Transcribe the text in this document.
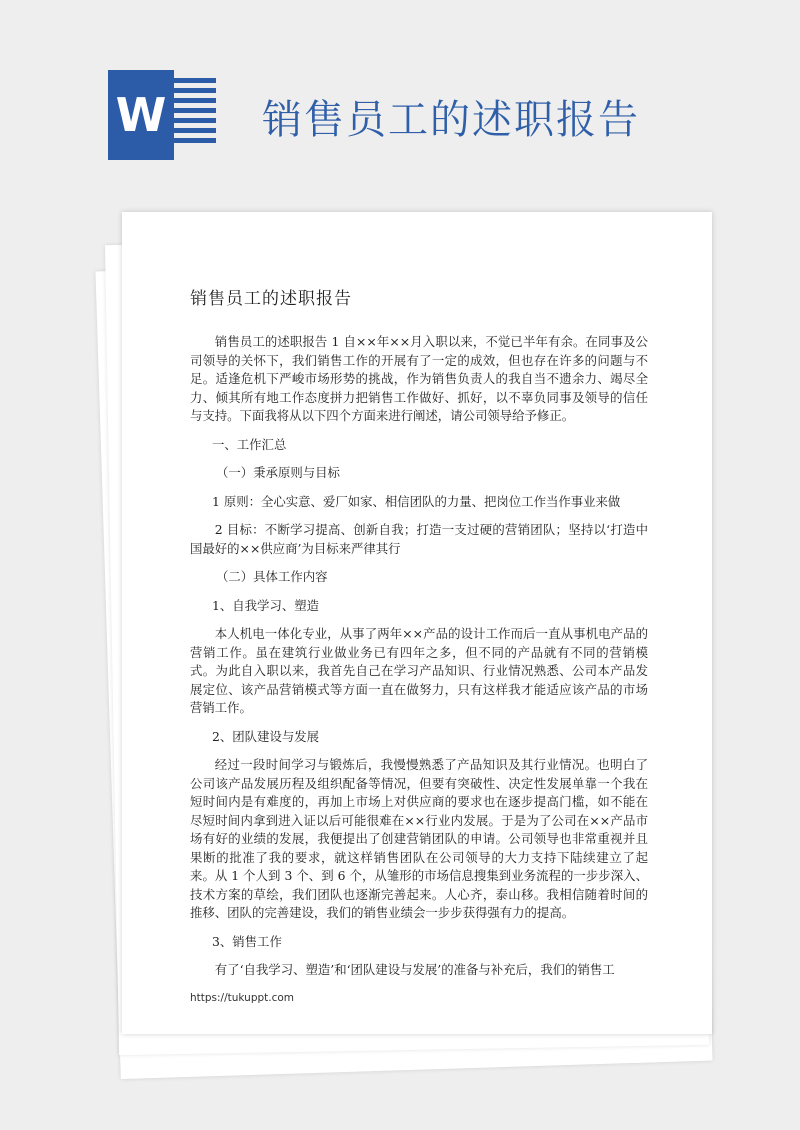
W 销售员工的述职报告
销售员工的述职报告

销售员工的述职报告 1 自××年××月入职以来，不觉已半年有余。在同事及公司领导的关怀下，我们销售工作的开展有了一定的成效，但也存在许多的问题与不足。适逢危机下严峻市场形势的挑战，作为销售负责人的我自当不遗余力、竭尽全力、倾其所有地工作态度拼力把销售工作做好、抓好，以不辜负同事及领导的信任与支持。下面我将从以下四个方面来进行阐述，请公司领导给予修正。

一、工作汇总

（一）秉承原则与目标

1 原则：全心实意、爱厂如家、相信团队的力量、把岗位工作当作事业来做

2 目标：不断学习提高、创新自我；打造一支过硬的营销团队；坚持以‘打造中国最好的××供应商’为目标来严律其行

（二）具体工作内容

1、自我学习、塑造

本人机电一体化专业，从事了两年××产品的设计工作而后一直从事机电产品的营销工作。虽在建筑行业做业务已有四年之多，但不同的产品就有不同的营销模式。为此自入职以来，我首先自己在学习产品知识、行业情况熟悉、公司本产品发展定位、该产品营销模式等方面一直在做努力，只有这样我才能适应该产品的市场营销工作。

2、团队建设与发展

经过一段时间学习与锻炼后，我慢慢熟悉了产品知识及其行业情况。也明白了公司该产品发展历程及组织配备等情况，但要有突破性、决定性发展单靠一个我在短时间内是有难度的，再加上市场上对供应商的要求也在逐步提高门槛，如不能在尽短时间内拿到进入证以后可能很难在××行业内发展。于是为了公司在××产品市场有好的业绩的发展，我便提出了创建营销团队的申请。公司领导也非常重视并且果断的批准了我的要求，就这样销售团队在公司领导的大力支持下陆续建立了起来。从 1 个人到 3 个、到 6 个，从雏形的市场信息搜集到业务流程的一步步深入、技术方案的草绘，我们团队也逐渐完善起来。人心齐，泰山移。我相信随着时间的推移、团队的完善建设，我们的销售业绩会一步步获得强有力的提高。

3、销售工作

有了‘自我学习、塑造’和‘团队建设与发展’的准备与补充后，我们的销售工

https://tukuppt.com
